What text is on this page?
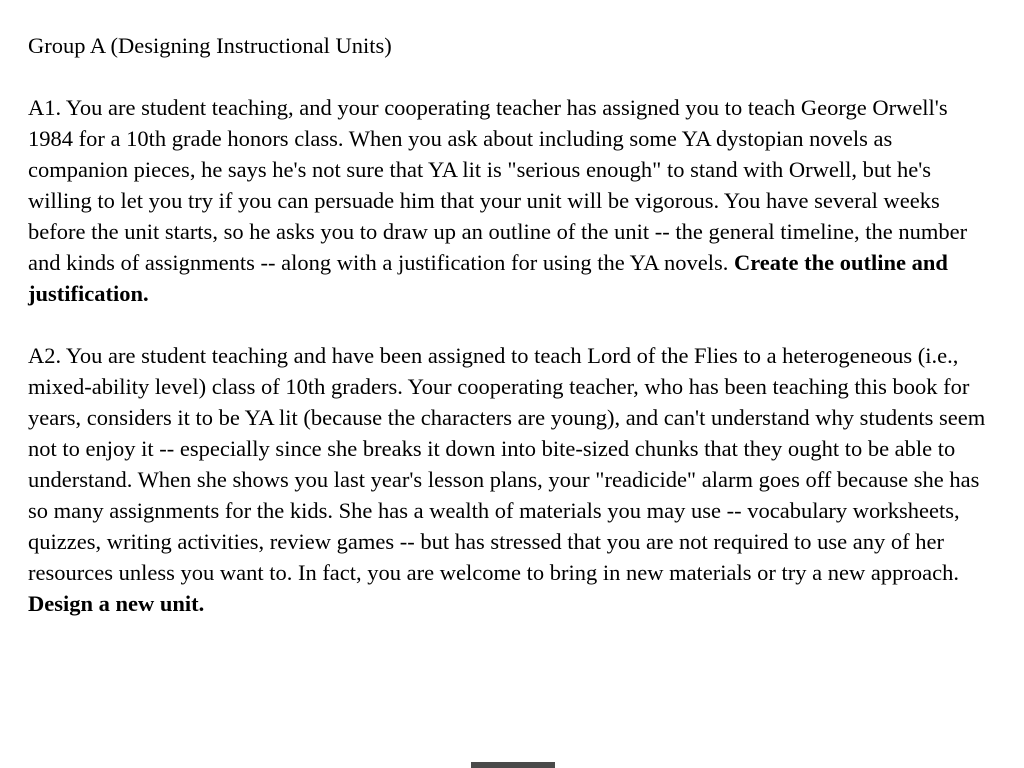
Group A (Designing Instructional Units)

A1. You are student teaching, and your cooperating teacher has assigned you to teach George Orwell's 1984 for a 10th grade honors class. When you ask about including some YA dystopian novels as companion pieces, he says he's not sure that YA lit is "serious enough" to stand with Orwell, but he's willing to let you try if you can persuade him that your unit will be vigorous. You have several weeks before the unit starts, so he asks you to draw up an outline of the unit -- the general timeline, the number and kinds of assignments -- along with a justification for using the YA novels. Create the outline and justification.

A2. You are student teaching and have been assigned to teach Lord of the Flies to a heterogeneous (i.e., mixed-ability level) class of 10th graders. Your cooperating teacher, who has been teaching this book for years, considers it to be YA lit (because the characters are young), and can't understand why students seem not to enjoy it -- especially since she breaks it down into bite-sized chunks that they ought to be able to understand. When she shows you last year's lesson plans, your "readicide" alarm goes off because she has so many assignments for the kids. She has a wealth of materials you may use -- vocabulary worksheets, quizzes, writing activities, review games -- but has stressed that you are not required to use any of her resources unless you want to. In fact, you are welcome to bring in new materials or try a new approach. Design a new unit.
